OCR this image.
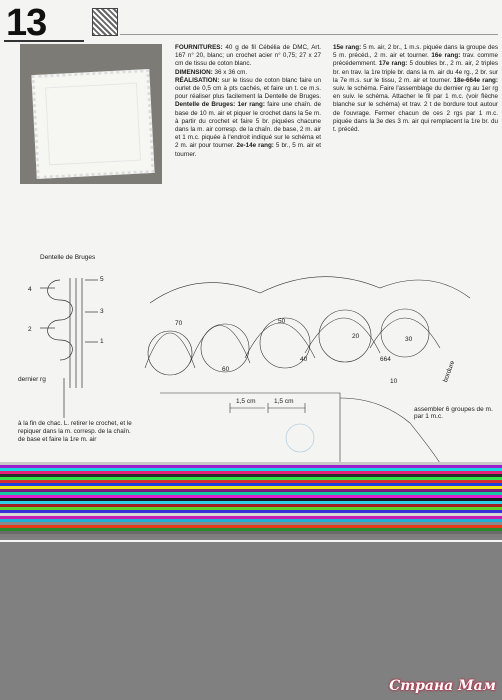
13
FOURNITURES: 40 g de fil Cébélia de DMC, Art. 167 n° 20, blanc; un crochet acier n° 0,75; 27 x 27 cm de tissu de coton blanc.
DIMENSION: 36 x 36 cm.
RÉALISATION: sur le tissu de coton blanc faire un ourlet de 0,5 cm à pts cachés, et faire un t. ce m.s. pour réaliser plus facilement la Dentelle de Bruges. Dentelle de Bruges: 1er rang: faire une chaîn. de base de 10 m. air et piquer le crochet dans la 5e m. à partir du crochet et faire 5 br. piquées chacune dans la m. air corresp. de la chaîn. de base, 2 m. air et 1 m.c. piquée à l'endroit indiqué sur le schéma et 2 m. air pour tourner. 2e-14e rang: 5 br., 5 m. air et tourner.
15e rang: 5 m. air, 2 br., 1 m.s. piquée dans la groupe des 5 m. précéd., 2 m. air et tourner. 16e rang: trav. comme précédemment. 17e rang: 5 doubles br., 2 m. air, 2 triples br. en trav. la 1re triple br. dans la m. air du 4e rg., 2 br. sur la 7e m.s. sur le tissu, 2 m. air et tourner. 18e-664e rang: suiv. le schéma. Faire l'assemblage du dernier rg au 1er rg en suiv. le schéma. Attacher le fil par 1 m.c. (voir flèche blanche sur le schéma) et trav. 2 t de bordure tout autour de l'ouvrage. Fermer chacun de ces 2 rgs par 1 m.c. piquée dans la 3e des 3 m. air qui remplacent la 1re br. du t. précéd.
Dentelle de Bruges
5
4
3
2
1
dernier rg
70
60
50
40
30
20
10
664
bordure
1,5 cm	1,5 cm
assembler 6 groupes de m. par 1 m.c.
à la fin de chac. L. retirer le crochet, et le repiquer dans la m. corresp. de la chaîn. de base et faire la 1re m. air
Страна Мам
